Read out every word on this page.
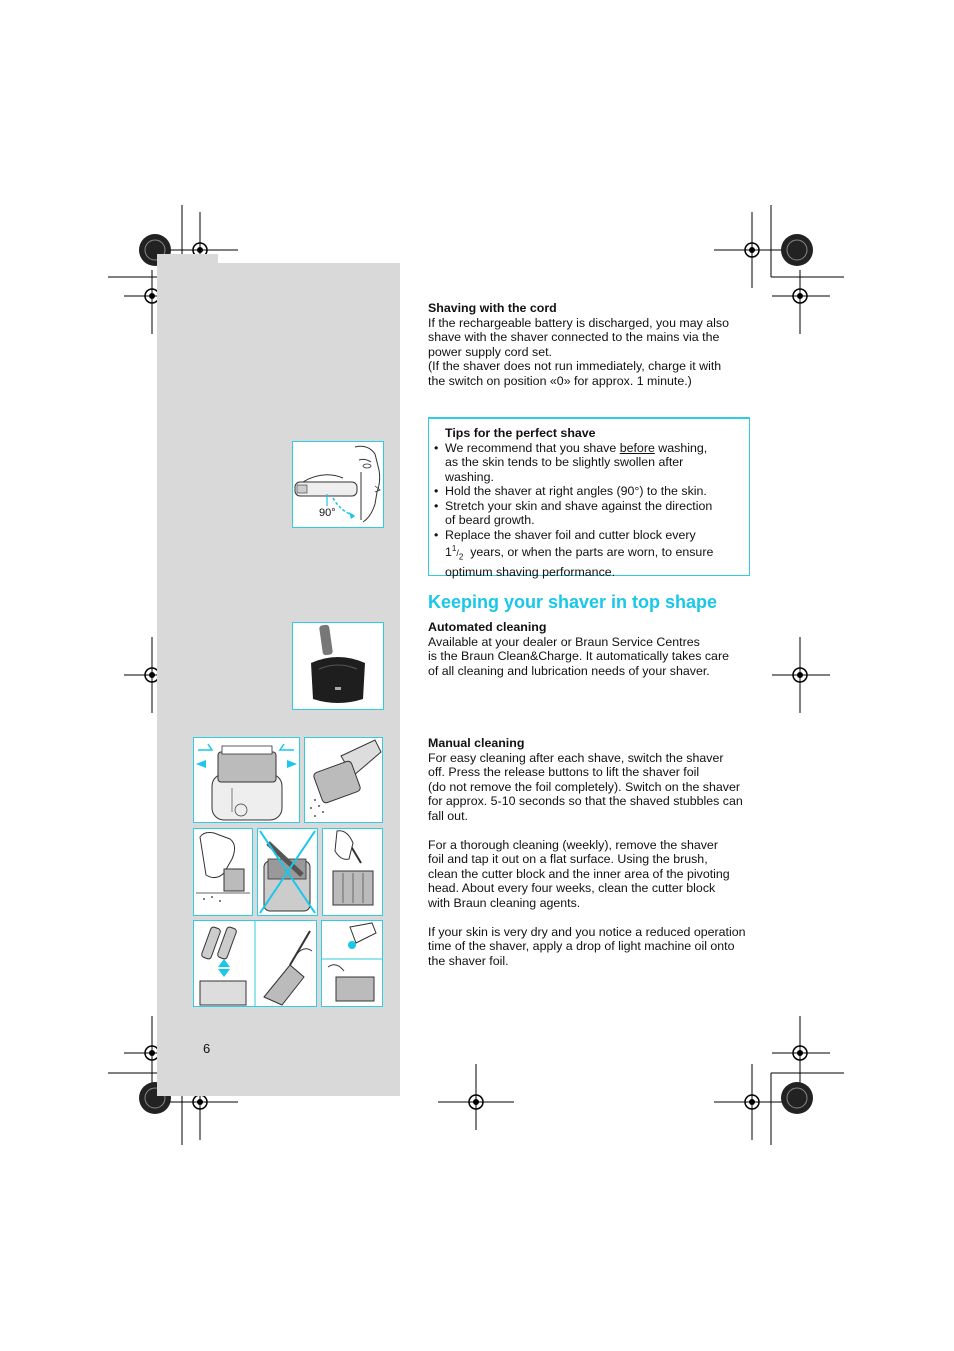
90°

Shaving with the cord

If the rechargeable battery is discharged, you may also

shave with the shaver connected to the mains via the

power supply cord set.

(If the shaver does not run immediately, charge it with

the switch on position «0» for approx. 1 minute.)

Tips for the perfect shave

• We recommend that you shave before washing,
as the skin tends to be slightly swollen after
washing.
• Hold the shaver at right angles (90°) to the skin.
• Stretch your skin and shave against the direction
of beard growth.
• Replace the shaver foil and cutter block every
$1^1/_2$ years, or when the parts are worn, to ensure
optimum shaving performance.
Keeping your shaver in top shape

Automated cleaning

Available at your dealer or Braun Service Centres

is the Braun Clean&Charge. It automatically takes care

of all cleaning and lubrication needs of your shaver.

Manual cleaning

For easy cleaning after each shave, switch the shaver

off. Press the release buttons to lift the shaver foil

(do not remove the foil completely). Switch on the shaver

for approx. 5-10 seconds so that the shaved stubbles can

fall out.

For a thorough cleaning (weekly), remove the shaver

foil and tap it out on a flat surface. Using the brush,

clean the cutter block and the inner area of the pivoting

head. About every four weeks, clean the cutter block

with Braun cleaning agents.

If your skin is very dry and you notice a reduced operation

time of the shaver, apply a drop of light machine oil onto

the shaver foil.

6
